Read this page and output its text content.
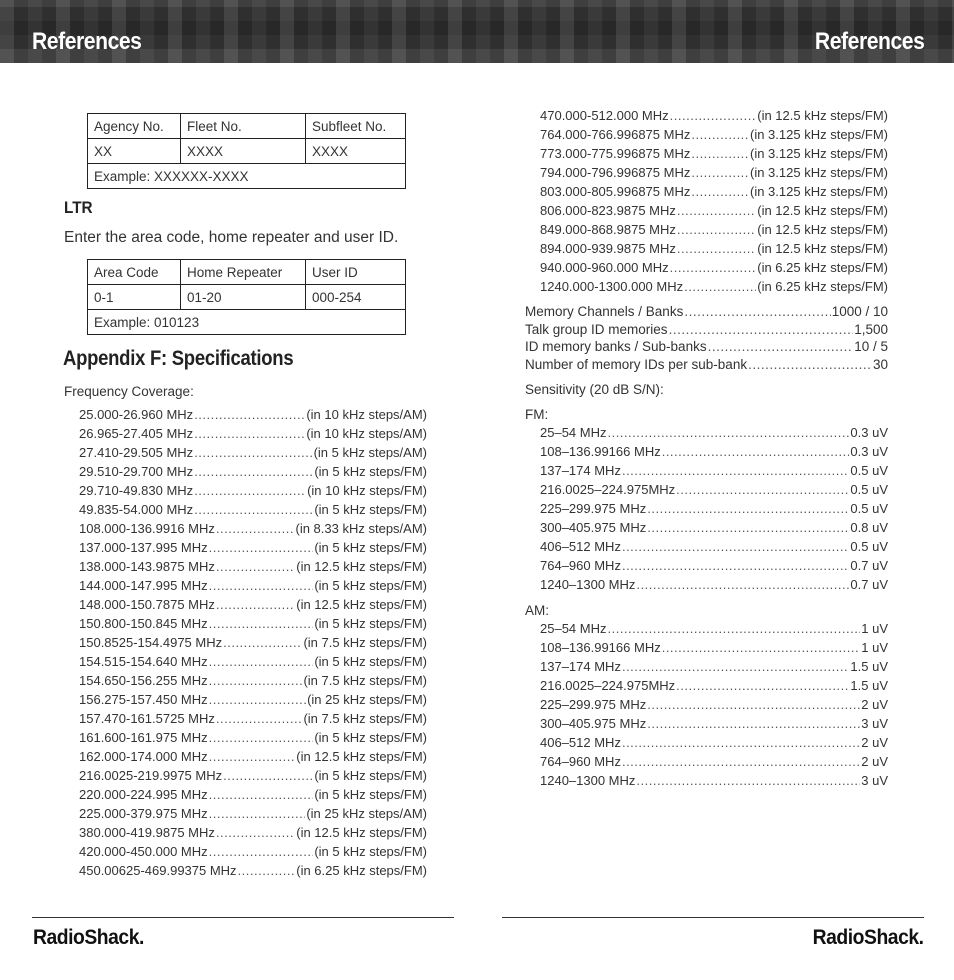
References	References
Agency No.	Fleet No.	Subfleet No.
XX	XXXX	XXXX
Example: XXXXXX-XXXX		
LTR
Enter the area code, home repeater and user ID.
Area Code	Home Repeater	User ID
0-1	01-20	000-254
Example: 010123		
Appendix F: Specifications
Frequency Coverage:
25.000-26.960 MHz .....	(in 10 kHz steps/AM)
26.965-27.405 MHz .....	(in 10 kHz steps/AM)
27.410-29.505 MHz .....	(in 5 kHz steps/AM)
29.510-29.700 MHz .....	(in 5 kHz steps/FM)
29.710-49.830 MHz .....	(in 10 kHz steps/FM)
49.835-54.000 MHz .....	(in 5 kHz steps/FM)
108.000-136.9916 MHz .....	(in 8.33 kHz steps/AM)
137.000-137.995 MHz .....	(in 5 kHz steps/FM)
138.000-143.9875 MHz .....	(in 12.5 kHz steps/FM)
144.000-147.995 MHz .....	(in 5 kHz steps/FM)
148.000-150.7875 MHz .....	(in 12.5 kHz steps/FM)
150.800-150.845 MHz .....	(in 5 kHz steps/FM)
150.8525-154.4975 MHz .....	(in 7.5 kHz steps/FM)
154.515-154.640 MHz .....	(in 5 kHz steps/FM)
154.650-156.255 MHz .....	(in 7.5 kHz steps/FM)
156.275-157.450 MHz .....	(in 25 kHz steps/FM)
157.470-161.5725 MHz .....	(in 7.5 kHz steps/FM)
161.600-161.975 MHz .....	(in 5 kHz steps/FM)
162.000-174.000 MHz .....	(in 12.5 kHz steps/FM)
216.0025-219.9975 MHz .....	(in 5 kHz steps/FM)
220.000-224.995 MHz .....	(in 5 kHz steps/FM)
225.000-379.975 MHz .....	(in 25 kHz steps/AM)
380.000-419.9875 MHz .....	(in 12.5 kHz steps/FM)
420.000-450.000 MHz .....	(in 5 kHz steps/FM)
450.00625-469.99375 MHz .....	(in 6.25 kHz steps/FM)
470.000-512.000 MHz .....	(in 12.5 kHz steps/FM)
764.000-766.996875 MHz .....	(in 3.125 kHz steps/FM)
773.000-775.996875 MHz .....	(in 3.125 kHz steps/FM)
794.000-796.996875 MHz .....	(in 3.125 kHz steps/FM)
803.000-805.996875 MHz .....	(in 3.125 kHz steps/FM)
806.000-823.9875 MHz .....	(in 12.5 kHz steps/FM)
849.000-868.9875 MHz .....	(in 12.5 kHz steps/FM)
894.000-939.9875 MHz .....	(in 12.5 kHz steps/FM)
940.000-960.000 MHz .....	(in 6.25 kHz steps/FM)
1240.000-1300.000 MHz .....	(in 6.25 kHz steps/FM)
Memory Channels / Banks .....	1000 / 10
Talk group ID memories .....	1,500
ID memory banks / Sub-banks .....	10 / 5
Number of memory IDs per sub-bank .....	30
Sensitivity (20 dB S/N):
FM:
25–54 MHz .....	0.3 uV
108–136.99166 MHz .....	0.3 uV
137–174 MHz .....	0.5 uV
216.0025–224.975MHz .....	0.5 uV
225–299.975 MHz .....	0.5 uV
300–405.975 MHz .....	0.8 uV
406–512 MHz .....	0.5 uV
764–960 MHz .....	0.7 uV
1240–1300 MHz .....	0.7 uV
AM:
25–54 MHz .....	1 uV
108–136.99166 MHz .....	1 uV
137–174 MHz .....	1.5 uV
216.0025–224.975MHz .....	1.5 uV
225–299.975 MHz .....	2 uV
300–405.975 MHz .....	3 uV
406–512 MHz .....	2 uV
764–960 MHz .....	2 uV
1240–1300 MHz .....	3 uV
RadioShack.	RadioShack.
